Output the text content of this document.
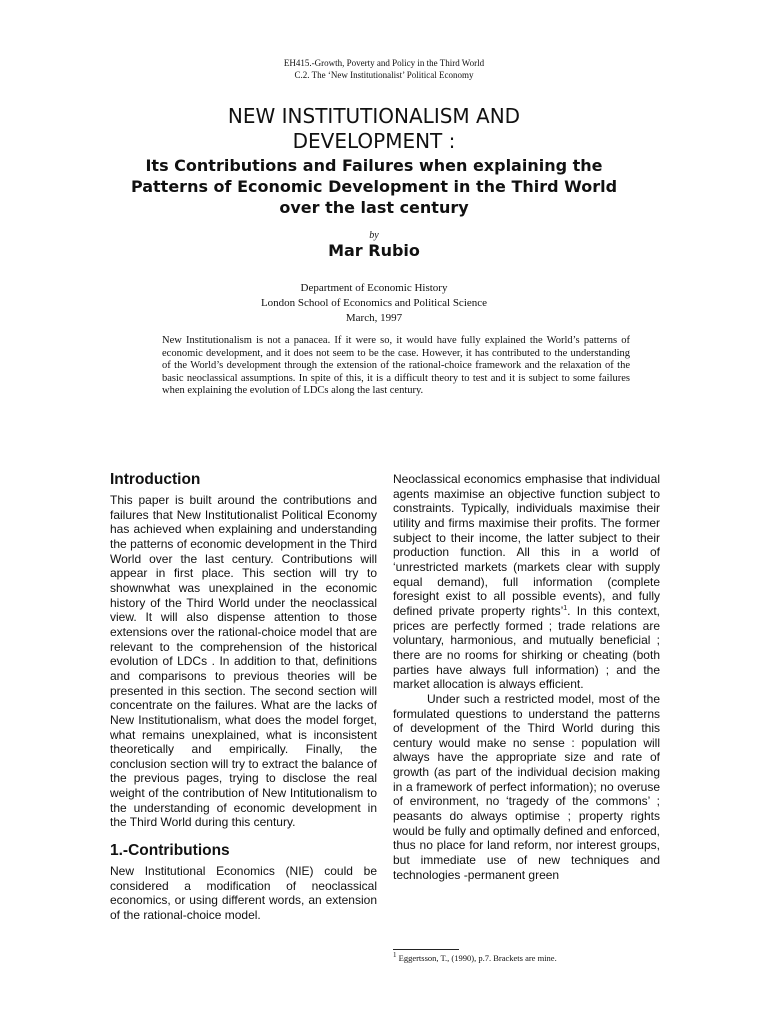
EH415.-Growth, Poverty and Policy in the Third World
C.2. The ‘New Institutionalist’ Political Economy
NEW INSTITUTIONALISM AND
DEVELOPMENT :
Its Contributions and Failures when explaining the
Patterns of Economic Development in the Third World
over the last century
by
Mar Rubio
Department of Economic History
London School of Economics and Political Science
March, 1997
New Institutionalism is not a panacea. If it were so, it would have fully explained the World’s patterns of economic development, and it does not seem to be the case. However, it has contributed to the understanding of the World’s development through the extension of the rational-choice framework and the relaxation of the basic neoclassical assumptions. In spite of this, it is a difficult theory to test and it is subject to some failures when explaining the evolution of LDCs along the last century.
Introduction

This paper is built around the contributions and failures that New Institutionalist Political Economy has achieved when explaining and understanding the patterns of economic development in the Third World over the last century. Contributions will appear in first place. This section will try to shownwhat was unexplained in the economic history of the Third World under the neoclassical view. It will also dispense attention to those extensions over the rational-choice model that are relevant to the comprehension of the historical evolution of LDCs . In addition to that, definitions and comparisons to previous theories will be presented in this section. The second section will concentrate on the failures. What are the lacks of New Institutionalism, what does the model forget, what remains unexplained, what is inconsistent theoretically and empirically. Finally, the conclusion section will try to extract the balance of the previous pages, trying to disclose the real weight of the contribution of New Intitutionalism to the understanding of economic development in the Third World during this century.

1.-Contributions

New Institutional Economics (NIE) could be considered a modification of neoclassical economics, or using different words, an extension of the rational-choice model.

Neoclassical economics emphasise that individual agents maximise an objective function subject to constraints. Typically, individuals maximise their utility and firms maximise their profits. The former subject to their income, the latter subject to their production function. All this in a world of ‘unrestricted markets (markets clear with supply equal demand), full information (complete foresight exist to all possible events), and fully defined private property rights’$^1$. In this context, prices are perfectly formed ; trade relations are voluntary, harmonious, and mutually beneficial ; there are no rooms for shirking or cheating (both parties have always full information) ; and the market allocation is always efficient.

Under such a restricted model, most of the formulated questions to understand the patterns of development of the Third World during this century would make no sense : population will always have the appropriate size and rate of growth (as part of the individual decision making in a framework of perfect information); no overuse of environment, no ‘tragedy of the commons’ ; peasants do always optimise ; property rights would be fully and optimally defined and enforced, thus no place for land reform, nor interest groups, but immediate use of new techniques and technologies -permanent green

$^1$ Eggertsson, T., (1990), p.7. Brackets are mine.
